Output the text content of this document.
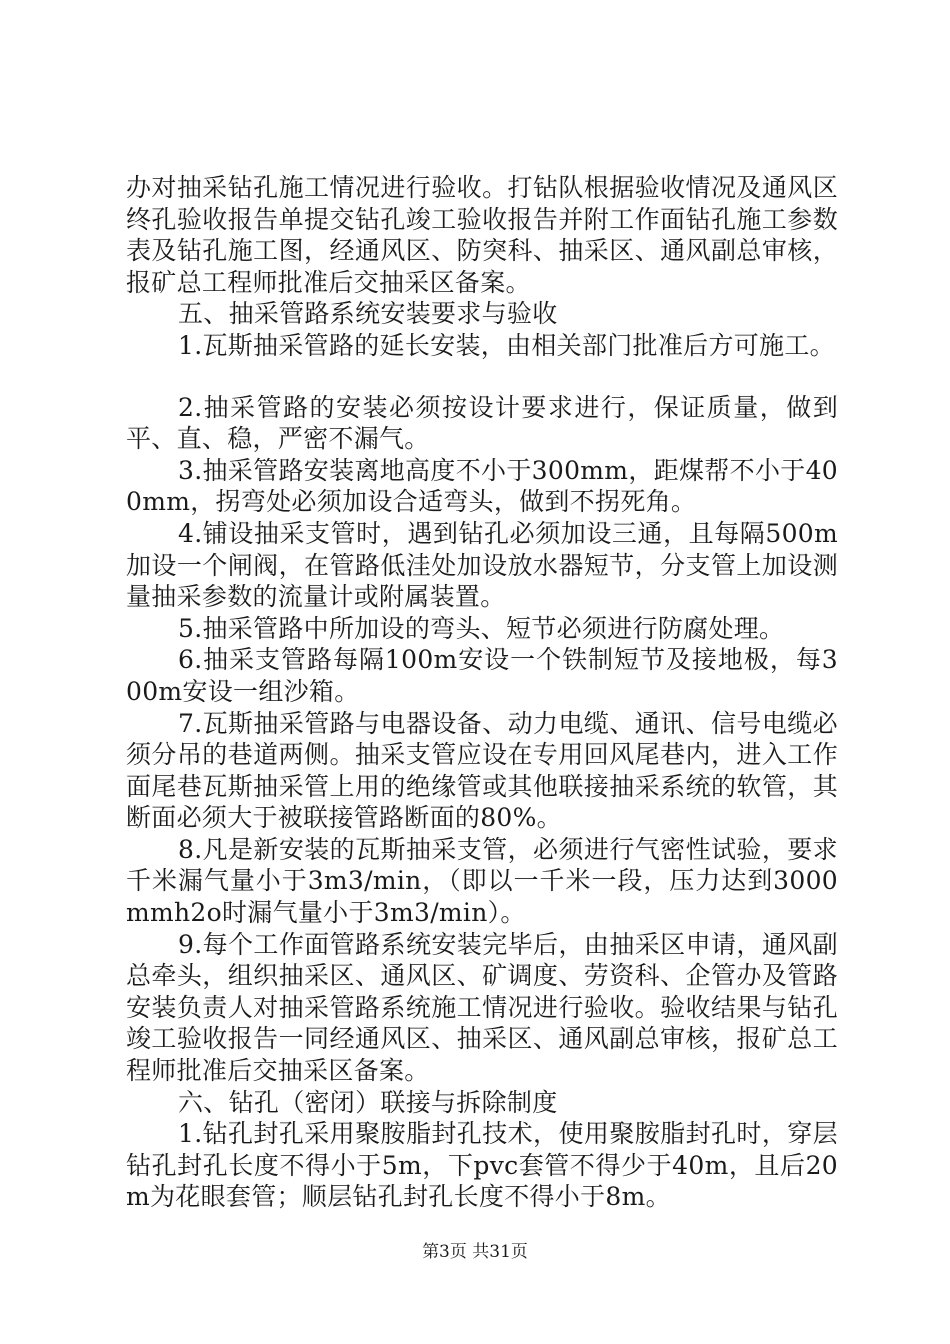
办对抽采钻孔施工情况进行验收。打钻队根据验收情况及通风区终孔验收报告单提交钻孔竣工验收报告并附工作面钻孔施工参数表及钻孔施工图，经通风区、防突科、抽采区、通风副总审核，报矿总工程师批准后交抽采区备案。

五、抽采管路系统安装要求与验收

1.瓦斯抽采管路的延长安装，由相关部门批准后方可施工。

2.抽采管路的安装必须按设计要求进行，保证质量，做到平、直、稳，严密不漏气。

3.抽采管路安装离地高度不小于300mm，距煤帮不小于400mm，拐弯处必须加设合适弯头，做到不拐死角。

4.铺设抽采支管时，遇到钻孔必须加设三通，且每隔500m加设一个闸阀，在管路低洼处加设放水器短节，分支管上加设测量抽采参数的流量计或附属装置。

5.抽采管路中所加设的弯头、短节必须进行防腐处理。

6.抽采支管路每隔100m安设一个铁制短节及接地极，每300m安设一组沙箱。

7.瓦斯抽采管路与电器设备、动力电缆、通讯、信号电缆必须分吊的巷道两侧。抽采支管应设在专用回风尾巷内，进入工作面尾巷瓦斯抽采管上用的绝缘管或其他联接抽采系统的软管，其断面必须大于被联接管路断面的80%。

8.凡是新安装的瓦斯抽采支管，必须进行气密性试验，要求千米漏气量小于3m3/min，（即以一千米一段，压力达到3000mmh2o时漏气量小于3m3/min）。

9.每个工作面管路系统安装完毕后，由抽采区申请，通风副总牵头，组织抽采区、通风区、矿调度、劳资科、企管办及管路安装负责人对抽采管路系统施工情况进行验收。验收结果与钻孔竣工验收报告一同经通风区、抽采区、通风副总审核，报矿总工程师批准后交抽采区备案。

六、钻孔（密闭）联接与拆除制度

1.钻孔封孔采用聚胺脂封孔技术，使用聚胺脂封孔时，穿层钻孔封孔长度不得小于5m，下pvc套管不得少于40m，且后20m为花眼套管；顺层钻孔封孔长度不得小于8m。

第3页 共31页
